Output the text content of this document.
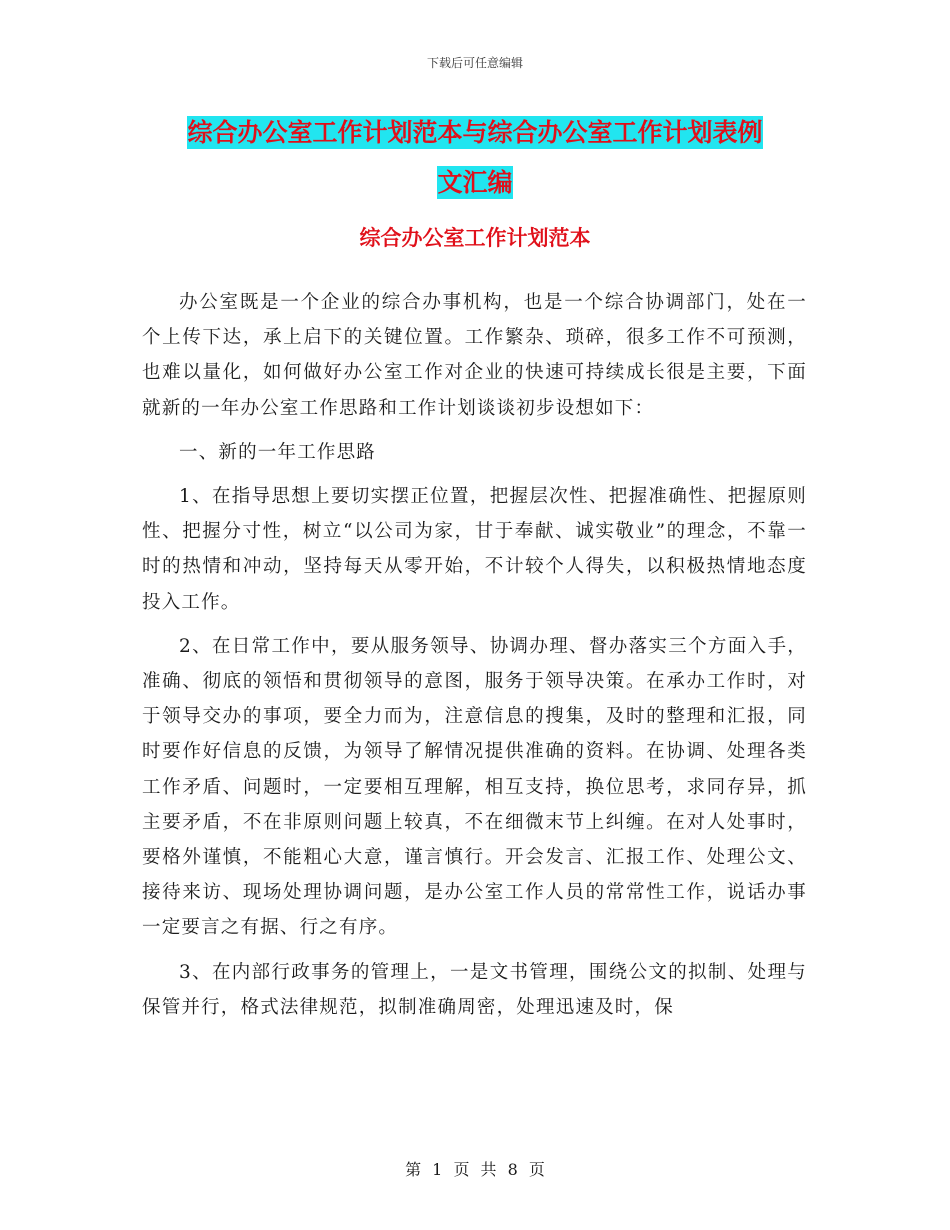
下载后可任意编辑
综合办公室工作计划范本与综合办公室工作计划表例
文汇编
综合办公室工作计划范本

办公室既是一个企业的综合办事机构，也是一个综合协调部门，处在一个上传下达，承上启下的关键位置。工作繁杂、琐碎，很多工作不可预测，也难以量化，如何做好办公室工作对企业的快速可持续成长很是主要，下面就新的一年办公室工作思路和工作计划谈谈初步设想如下：

一、新的一年工作思路

1、在指导思想上要切实摆正位置，把握层次性、把握准确性、把握原则性、把握分寸性，树立“以公司为家，甘于奉献、诚实敬业”的理念，不靠一时的热情和冲动，坚持每天从零开始，不计较个人得失，以积极热情地态度投入工作。

2、在日常工作中，要从服务领导、协调办理、督办落实三个方面入手，准确、彻底的领悟和贯彻领导的意图，服务于领导决策。在承办工作时，对于领导交办的事项，要全力而为，注意信息的搜集，及时的整理和汇报，同时要作好信息的反馈，为领导了解情况提供准确的资料。在协调、处理各类工作矛盾、问题时，一定要相互理解，相互支持，换位思考，求同存异，抓主要矛盾，不在非原则问题上较真，不在细微末节上纠缠。在对人处事时，要格外谨慎，不能粗心大意，谨言慎行。开会发言、汇报工作、处理公文、接待来访、现场处理协调问题，是办公室工作人员的常常性工作，说话办事一定要言之有据、行之有序。

3、在内部行政事务的管理上，一是文书管理，围绕公文的拟制、处理与保管并行，格式法律规范，拟制准确周密，处理迅速及时，保

第 1 页 共 8 页
